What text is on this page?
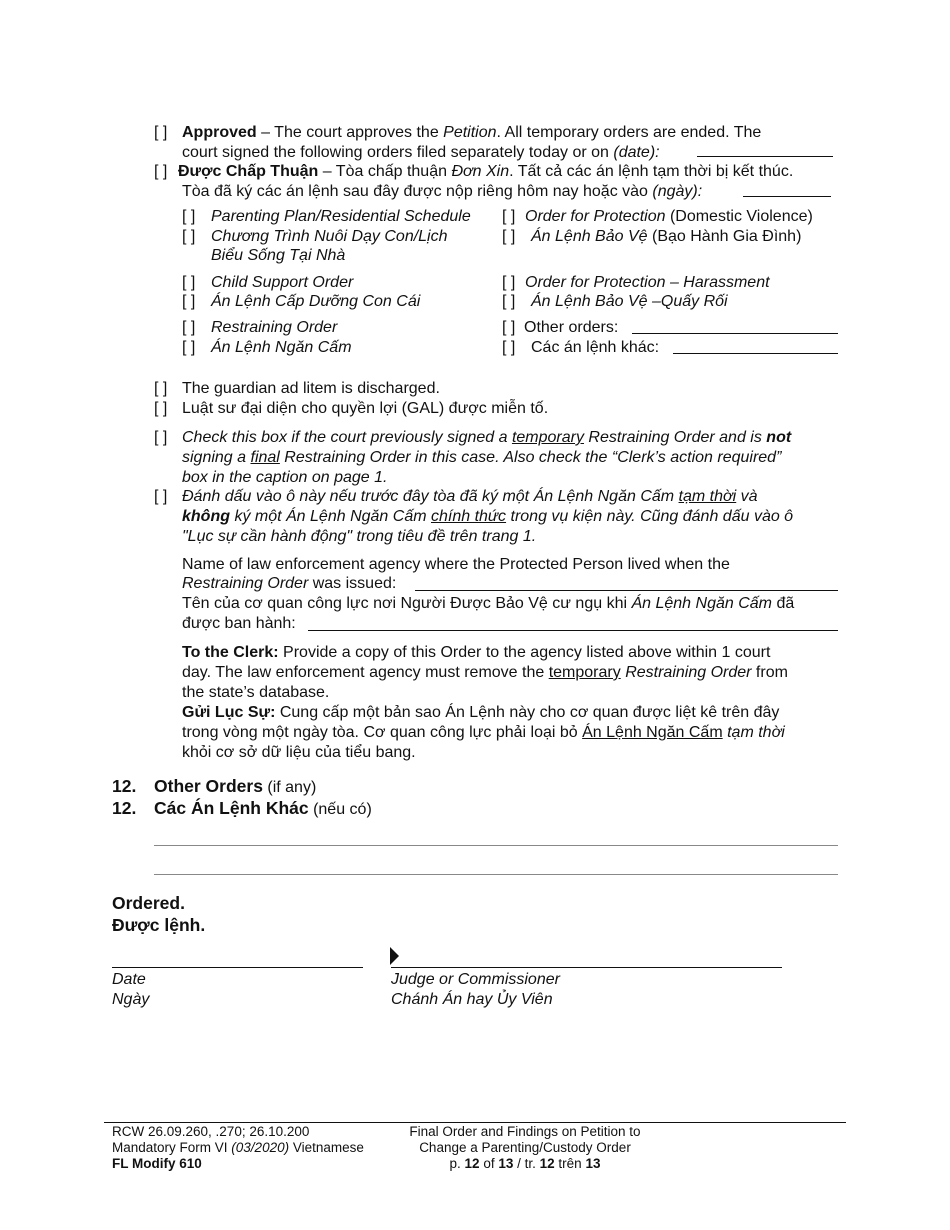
[ ] Approved – The court approves the Petition. All temporary orders are ended. The
court signed the following orders filed separately today or on (date):
[ ] Được Chấp Thuận – Tòa chấp thuận Đơn Xin. Tất cả các án lệnh tạm thời bị kết thúc.
Tòa đã ký các án lệnh sau đây được nộp riêng hôm nay hoặc vào (ngày):
[ ] Parenting Plan/Residential Schedule
[ ] Chương Trình Nuôi Dạy Con/Lịch
Biểu Sống Tại Nhà
[ ] Child Support Order
[ ] Án Lệnh Cấp Dưỡng Con Cái
[ ] Restraining Order
[ ] Án Lệnh Ngăn Cấm
[ ] Order for Protection (Domestic Violence)
[ ] Án Lệnh Bảo Vệ (Bạo Hành Gia Đình)
[ ] Order for Protection – Harassment
[ ] Án Lệnh Bảo Vệ –Quấy Rối
[ ] Other orders:
[ ] Các án lệnh khác:
[ ] The guardian ad litem is discharged.
[ ] Luật sư đại diện cho quyền lợi (GAL) được miễn tố.
[ ] Check this box if the court previously signed a temporary Restraining Order and is not
signing a final Restraining Order in this case. Also check the “Clerk’s action required”
box in the caption on page 1.
[ ] Đánh dấu vào ô này nếu trước đây tòa đã ký một Án Lệnh Ngăn Cấm tạm thời và
không ký một Án Lệnh Ngăn Cấm chính thức trong vụ kiện này. Cũng đánh dấu vào ô
"Lục sự cần hành động" trong tiêu đề trên trang 1.
Name of law enforcement agency where the Protected Person lived when the
Restraining Order was issued:
Tên của cơ quan công lực nơi Người Được Bảo Vệ cư ngụ khi Án Lệnh Ngăn Cấm đã
được ban hành:
To the Clerk: Provide a copy of this Order to the agency listed above within 1 court
day. The law enforcement agency must remove the temporary Restraining Order from
the state’s database.
Gửi Lục Sự: Cung cấp một bản sao Án Lệnh này cho cơ quan được liệt kê trên đây
trong vòng một ngày tòa. Cơ quan công lực phải loại bỏ Án Lệnh Ngăn Cấm tạm thời
khỏi cơ sở dữ liệu của tiểu bang.
12. Other Orders (if any)
12. Các Án Lệnh Khác (nếu có)
Ordered.
Được lệnh.
Date
Ngày
Judge or Commissioner
Chánh Án hay Ủy Viên
RCW 26.09.260, .270; 26.10.200
Mandatory Form VI (03/2020) Vietnamese
FL Modify 610
Final Order and Findings on Petition to
Change a Parenting/Custody Order
p. 12 of 13 / tr. 12 trên 13
